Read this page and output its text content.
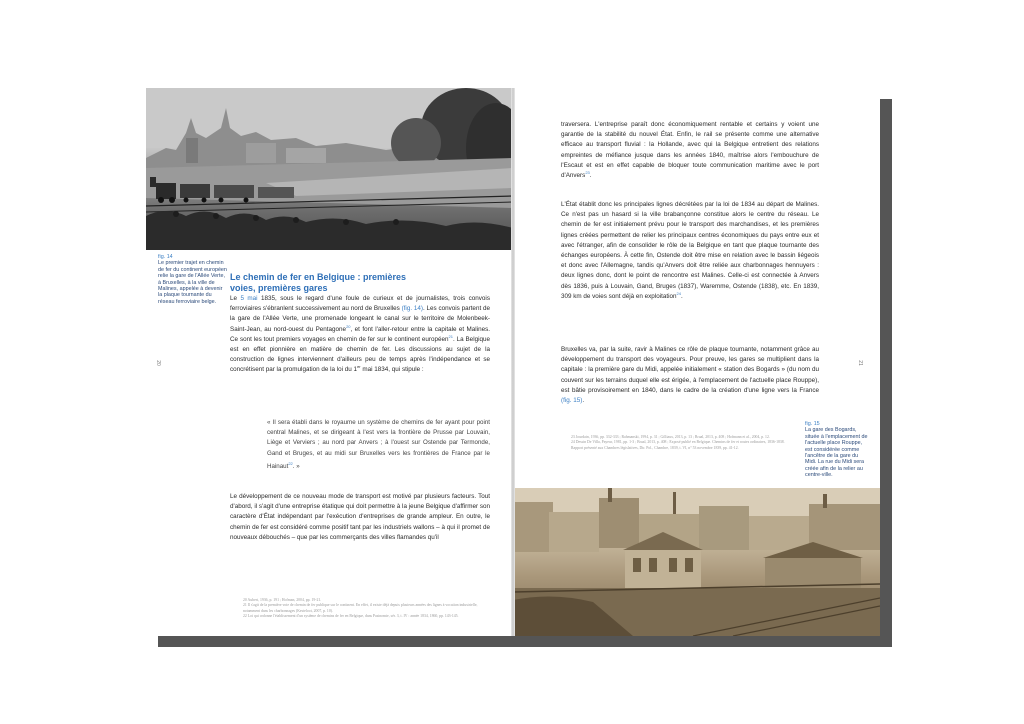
fig. 14
Le premier trajet en chemin de fer du continent européen relie la gare de l'Allée Verte, à Bruxelles, à la ville de Malines, appelée à devenir la plaque tournante du réseau ferroviaire belge.
20
Le chemin de fer en Belgique : premières voies, premières gares
Le 5 mai 1835, sous le regard d'une foule de curieux et de journalistes, trois convois ferroviaires s'ébranlent successivement au nord de Bruxelles (fig. 14). Les convois partent de la gare de l'Allée Verte, une promenade longeant le canal sur le territoire de Molenbeek-Saint-Jean, au nord-ouest du Pentagone$^{20}$, et font l'aller-retour entre la capitale et Malines. Ce sont les tout premiers voyages en chemin de fer sur le continent européen$^{21}$. La Belgique est en effet pionnière en matière de chemin de fer. Les discussions au sujet de la construction de lignes interviennent d'ailleurs peu de temps après l'indépendance et se concrétisent par la promulgation de la loi du 1er mai 1834, qui stipule :
« Il sera établi dans le royaume un système de chemins de fer ayant pour point central Malines, et se dirigeant à l'est vers la frontière de Prusse par Louvain, Liège et Verviers ; au nord par Anvers ; à l'ouest sur Ostende par Termonde, Gand et Bruges, et au midi sur Bruxelles vers les frontières de France par le Hainaut$^{22}$. »
Le développement de ce nouveau mode de transport est motivé par plusieurs facteurs. Tout d'abord, il s'agit d'une entreprise étatique qui doit permettre à la jeune Belgique d'affirmer son caractère d'État indépendant par l'exécution d'entreprises de grande ampleur. En outre, le chemin de fer est considéré comme positif tant par les industriels wallons – à qui il promet de nouveaux débouchés – que par les commerçants des villes flamandes qu'il
20 Aubert, 1936, p. 191 ; Hofman, 2004, pp. 19-21.
21 Il s'agit de la première voie de chemin de fer publique sur le continent. En effet, il existe déjà depuis plusieurs années des lignes à vocation industrielle, notamment dans les charbonnages (Kesteloot, 2007, p. 10).
22 Loi qui ordonne l'établissement d'un système de chemins de fer en Belgique, dans Pasinomie, sér. 3, t. IV : année 1834, 1860, pp. 143-145.
traversera. L'entreprise paraît donc économiquement rentable et certains y voient une garantie de la stabilité du nouvel État. Enfin, le rail se présente comme une alternative efficace au transport fluvial : la Hollande, avec qui la Belgique entretient des relations empreintes de méfiance jusque dans les années 1840, maîtrise alors l'embouchure de l'Escaut et est en effet capable de bloquer toute communication maritime avec le port d'Anvers$^{23}$.
L'État établit donc les principales lignes décrétées par la loi de 1834 au départ de Malines. Ce n'est pas un hasard si la ville brabançonne constitue alors le centre du réseau. Le chemin de fer est initialement prévu pour le transport des marchandises, et les premières lignes créées permettent de relier les principaux centres économiques du pays entre eux et avec l'étranger, afin de consolider le rôle de la Belgique en tant que plaque tournante des échanges européens. À cette fin, Ostende doit être mise en relation avec le bassin liégeois et donc avec l'Allemagne, tandis qu'Anvers doit être reliée aux charbonnages hennuyers : deux lignes donc, dont le point de rencontre est Malines. Celle-ci est connectée à Anvers dès 1836, puis à Louvain, Gand, Bruges (1837), Waremme, Ostende (1838), etc. En 1839, 309 km de voies sont déjà en exploitation$^{24}$.
Bruxelles va, par la suite, ravir à Malines ce rôle de plaque tournante, notamment grâce au développement du transport des voyageurs. Pour preuve, les gares se multiplient dans la capitale : la première gare du Midi, appelée initialement « station des Bogards » (du nom du couvent sur les terrains duquel elle est érigée, à l'emplacement de l'actuelle place Rouppe), est bâtie provisoirement en 1840, dans le cadre de la création d'une ligne vers la France (fig. 15).
23 Jourdain, 1936, pp. 332-333 ; Rahmanski, 1994, p. 31 ; Gilliaux, 2013, p. 13 ; Brual, 2013, p. 408 ; Hofmann et al., 2004, p. 12.
24 Dessin De Villa, Payeur, 1981, pp. 1-3 ; Brual, 2013, p. 408 ; Exposé publié en Belgique. Chemins de fer et routes ordinaires, 1836-1838. Rapport présenté aux Chambres législatives, Dir. Pol., Chambre, 1839, t. VI, n° 53 novembre 1839, pp. 41-12.
fig. 15
La gare des Bogards, située à l'emplacement de l'actuelle place Rouppe, est considérée comme l'ancêtre de la gare du Midi. La rue du Midi sera créée afin de la relier au centre-ville.
21
